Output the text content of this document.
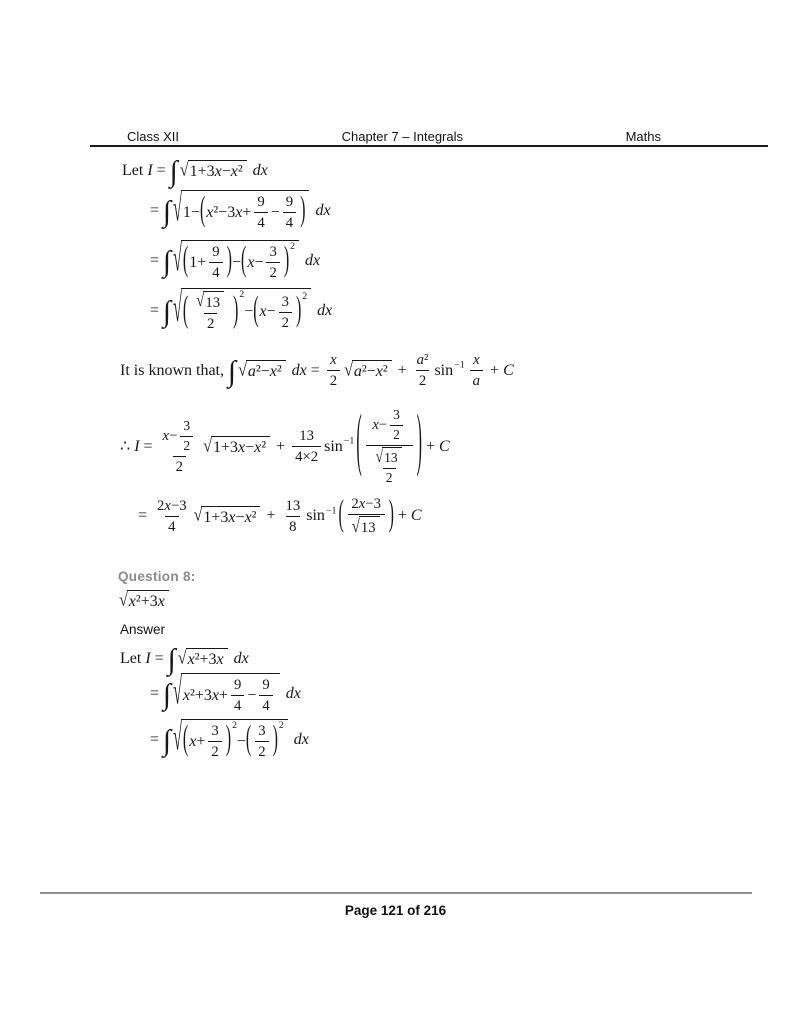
Class XII	Chapter 7 – Integrals	Maths
Let I = ∫ √ 1+3x−x² dx
= ∫ √ 1− ( $x^2-3x+ \frac{9}{4} - \frac{9}{4}$ ) dx
= ∫ √ ( $1+ \frac{9}{4}$ ) − ( $x- \frac{3}{2}$ ) 2
dx
= ∫ √ ( $\frac{√ 13}{2}$ ) 2
− ( $x- \frac{3}{2}$ ) 2
dx
It is known that, ∫ √ a²−x² dx = $\frac{x}{2}$ √ $a^2-x^2 + \frac{\text{a²}}{2}$ $\sin -1 \frac{x}{a} + C$
∴ $I = \frac{x- \frac{3}{2}}{2}$ √ $1+3x-x^2 + \frac{13}{4\times 2}$ sin −1 ( $\frac{x- \frac{3}{2}}{\frac{√ 13}{2}}$ ) + C
= $\frac{2x-3}{4}$ √ $1+3x-x^2 + \frac{13}{8}$ sin −1 ( $\frac{2x-3}{√ 13}$ ) + C
Question 8:
√ x²+3x
Answer
Let I = ∫ √ x²+3x dx
= ∫ √ $x^2+3x+ \frac{9}{4} - \frac{9}{4}$ dx
= ∫ √ ( $x+ \frac{3}{2}$ ) 2
− ( $\frac{3}{2}$ ) 2
dx
Page 121 of 216
